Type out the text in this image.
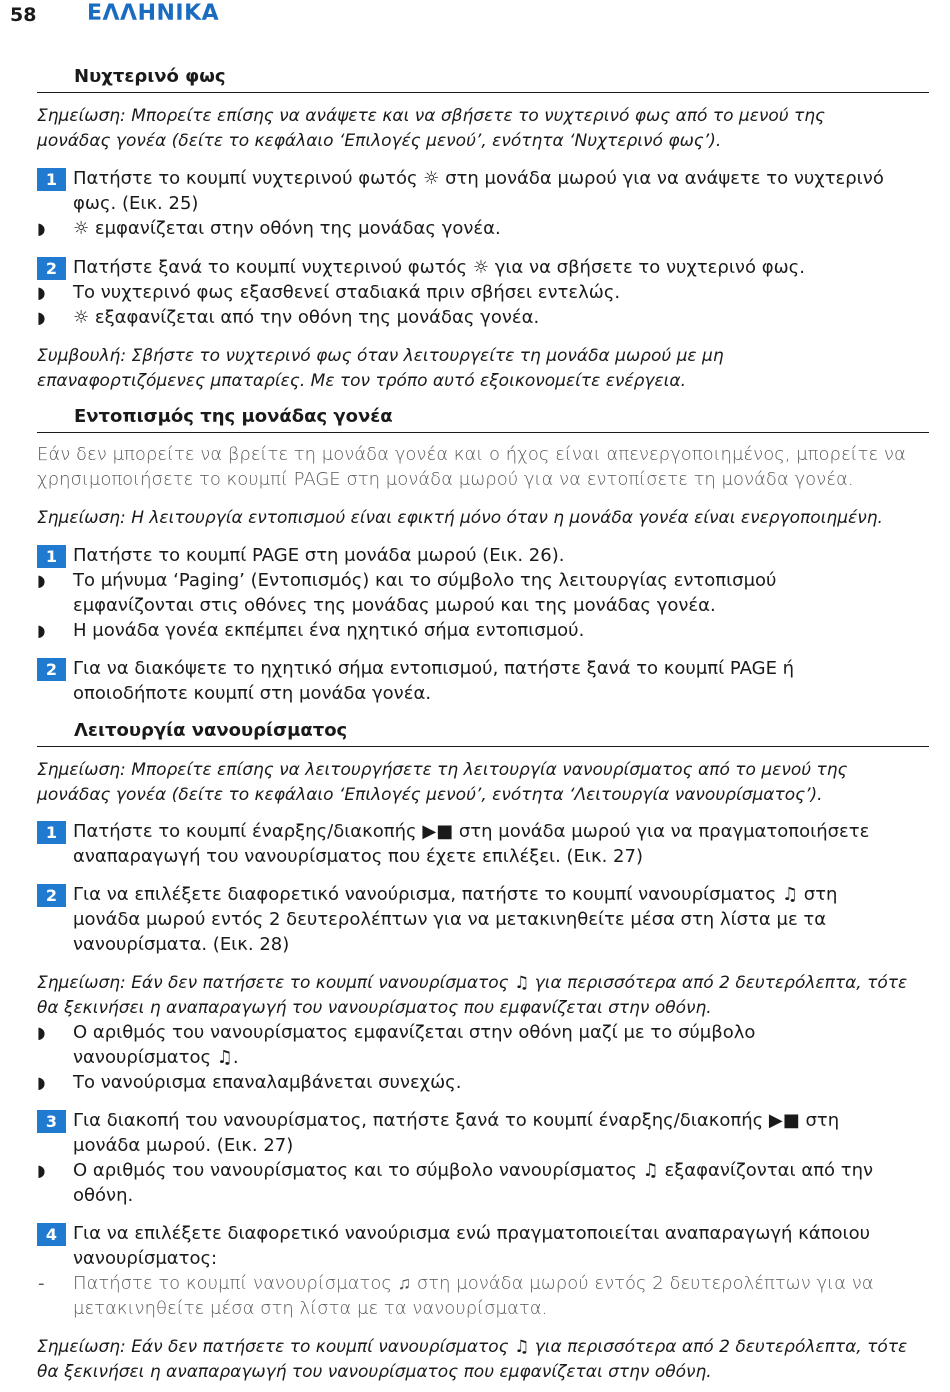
58 ΕΛΛΗΝΙΚΑ
Νυχτερινό φως
Σημείωση: Μπορείτε επίσης να ανάψετε και να σβήσετε το νυχτερινό φως από το μενού της
μονάδας γονέα (δείτε το κεφάλαιο ‘Επιλογές μενού’, ενότητα ‘Νυχτερινό φως’).
1 Πατήστε το κουμπί νυχτερινού φωτός ☼ στη μονάδα μωρού για να ανάψετε το νυχτερινό
φως. (Εικ. 25)
◗ ☼ εμφανίζεται στην οθόνη της μονάδας γονέα.
2 Πατήστε ξανά το κουμπί νυχτερινού φωτός ☼ για να σβήσετε το νυχτερινό φως.
◗ Το νυχτερινό φως εξασθενεί σταδιακά πριν σβήσει εντελώς.
◗ ☼ εξαφανίζεται από την οθόνη της μονάδας γονέα.
Συμβουλή: Σβήστε το νυχτερινό φως όταν λειτουργείτε τη μονάδα μωρού με μη
επαναφορτιζόμενες μπαταρίες. Με τον τρόπο αυτό εξοικονομείτε ενέργεια.
Εντοπισμός της μονάδας γονέα
Εάν δεν μπορείτε να βρείτε τη μονάδα γονέα και ο ήχος είναι απενεργοποιημένος, μπορείτε να
χρησιμοποιήσετε το κουμπί PAGE στη μονάδα μωρού για να εντοπίσετε τη μονάδα γονέα.
Σημείωση: Η λειτουργία εντοπισμού είναι εφικτή μόνο όταν η μονάδα γονέα είναι ενεργοποιημένη.
1 Πατήστε το κουμπί PAGE στη μονάδα μωρού (Εικ. 26).
◗ Το μήνυμα ‘Paging’ (Εντοπισμός) και το σύμβολο της λειτουργίας εντοπισμού
εμφανίζονται στις οθόνες της μονάδας μωρού και της μονάδας γονέα.
◗ Η μονάδα γονέα εκπέμπει ένα ηχητικό σήμα εντοπισμού.
2 Για να διακόψετε το ηχητικό σήμα εντοπισμού, πατήστε ξανά το κουμπί PAGE ή
οποιοδήποτε κουμπί στη μονάδα γονέα.
Λειτουργία νανουρίσματος
Σημείωση: Μπορείτε επίσης να λειτουργήσετε τη λειτουργία νανουρίσματος από το μενού της
μονάδας γονέα (δείτε το κεφάλαιο ‘Επιλογές μενού’, ενότητα ‘Λειτουργία νανουρίσματος’).
1 Πατήστε το κουμπί έναρξης/διακοπής ▶■ στη μονάδα μωρού για να πραγματοποιήσετε
αναπαραγωγή του νανουρίσματος που έχετε επιλέξει. (Εικ. 27)
2 Για να επιλέξετε διαφορετικό νανούρισμα, πατήστε το κουμπί νανουρίσματος ♫ στη
μονάδα μωρού εντός 2 δευτερολέπτων για να μετακινηθείτε μέσα στη λίστα με τα
νανουρίσματα. (Εικ. 28)
Σημείωση: Εάν δεν πατήσετε το κουμπί νανουρίσματος ♫ για περισσότερα από 2 δευτερόλεπτα, τότε
θα ξεκινήσει η αναπαραγωγή του νανουρίσματος που εμφανίζεται στην οθόνη.
◗ Ο αριθμός του νανουρίσματος εμφανίζεται στην οθόνη μαζί με το σύμβολο
νανουρίσματος ♫.
◗ Το νανούρισμα επαναλαμβάνεται συνεχώς.
3 Για διακοπή του νανουρίσματος, πατήστε ξανά το κουμπί έναρξης/διακοπής ▶■ στη
μονάδα μωρού. (Εικ. 27)
◗ Ο αριθμός του νανουρίσματος και το σύμβολο νανουρίσματος ♫ εξαφανίζονται από την
οθόνη.
4 Για να επιλέξετε διαφορετικό νανούρισμα ενώ πραγματοποιείται αναπαραγωγή κάποιου
νανουρίσματος:
- Πατήστε το κουμπί νανουρίσματος ♫ στη μονάδα μωρού εντός 2 δευτερολέπτων για να
μετακινηθείτε μέσα στη λίστα με τα νανουρίσματα.
Σημείωση: Εάν δεν πατήσετε το κουμπί νανουρίσματος ♫ για περισσότερα από 2 δευτερόλεπτα, τότε
θα ξεκινήσει η αναπαραγωγή του νανουρίσματος που εμφανίζεται στην οθόνη.
